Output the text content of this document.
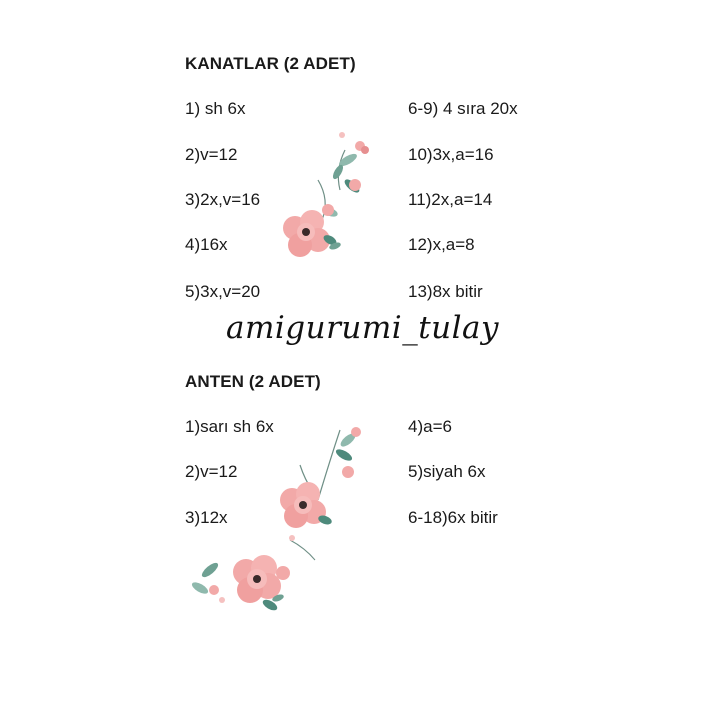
KANATLAR (2 ADET)
1) sh 6x
2)v=12
3)2x,v=16
4)16x
5)3x,v=20
6-9) 4 sıra 20x
10)3x,a=16
11)2x,a=14
12)x,a=8
13)8x bitir
amigurumi_tulay
ANTEN (2 ADET)
1)sarı sh 6x
2)v=12
3)12x
4)a=6
5)siyah 6x
6-18)6x bitir
